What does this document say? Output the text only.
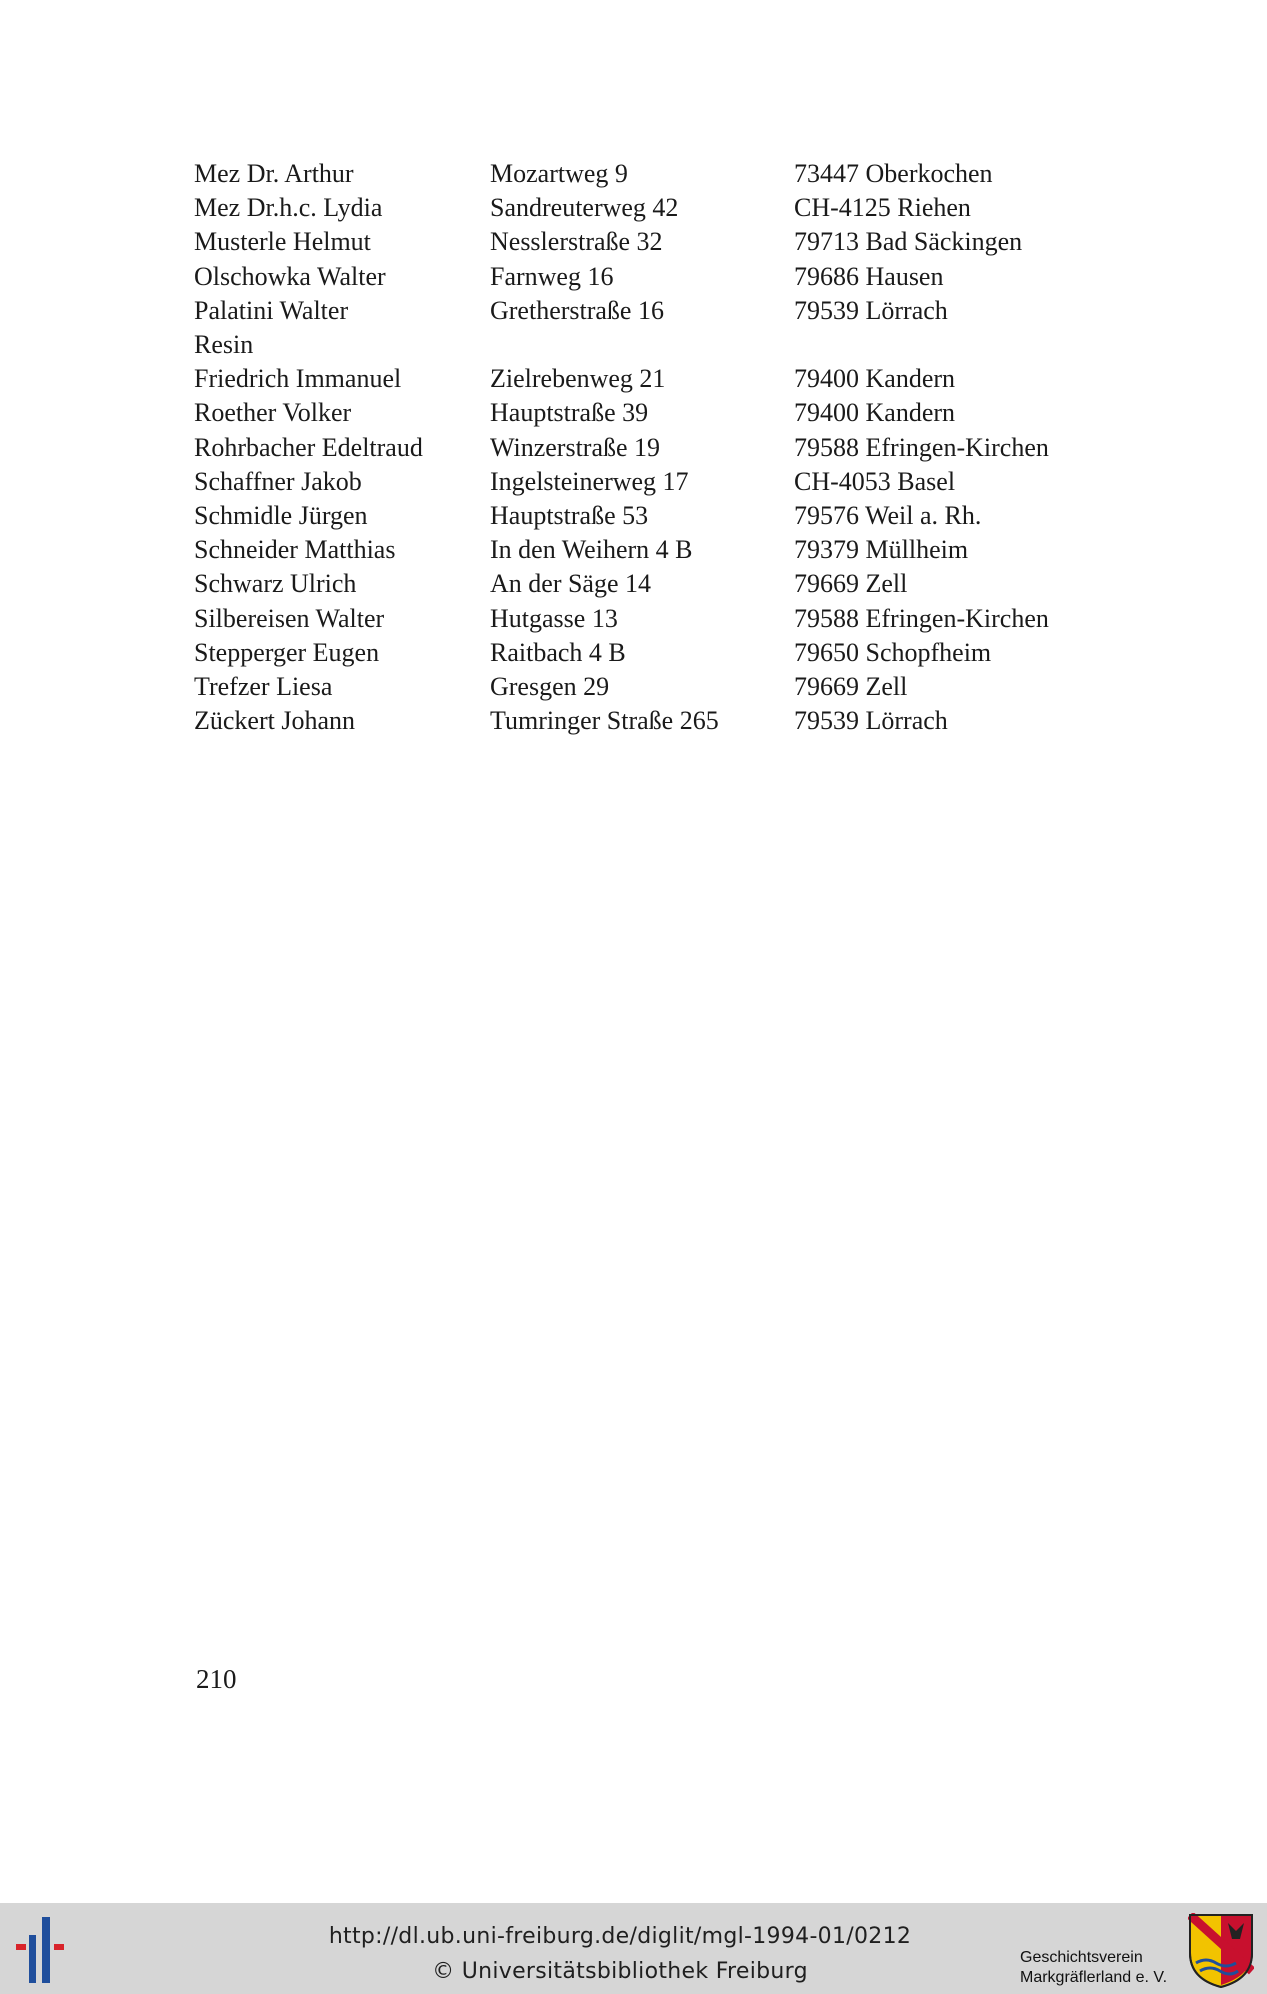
Mez Dr. Arthur	Mozartweg 9	73447 Oberkochen
Mez Dr.h.c. Lydia	Sandreuterweg 42	CH-4125 Riehen
Musterle Helmut	Nesslerstraße 32	79713 Bad Säckingen
Olschowka Walter	Farnweg 16	79686 Hausen
Palatini Walter	Gretherstraße 16	79539 Lörrach
Resin		
Friedrich Immanuel	Zielrebenweg 21	79400 Kandern
Roether Volker	Hauptstraße 39	79400 Kandern
Rohrbacher Edeltraud	Winzerstraße 19	79588 Efringen-Kirchen
Schaffner Jakob	Ingelsteinerweg 17	CH-4053 Basel
Schmidle Jürgen	Hauptstraße 53	79576 Weil a. Rh.
Schneider Matthias	In den Weihern 4 B	79379 Müllheim
Schwarz Ulrich	An der Säge 14	79669 Zell
Silbereisen Walter	Hutgasse 13	79588 Efringen-Kirchen
Stepperger Eugen	Raitbach 4 B	79650 Schopfheim
Trefzer Liesa	Gresgen 29	79669 Zell
Zückert Johann	Tumringer Straße 265	79539 Lörrach
210
http://dl.ub.uni-freiburg.de/diglit/mgl-1994-01/0212
© Universitätsbibliothek Freiburg
Geschichtsverein
Markgräflerland e. V.
